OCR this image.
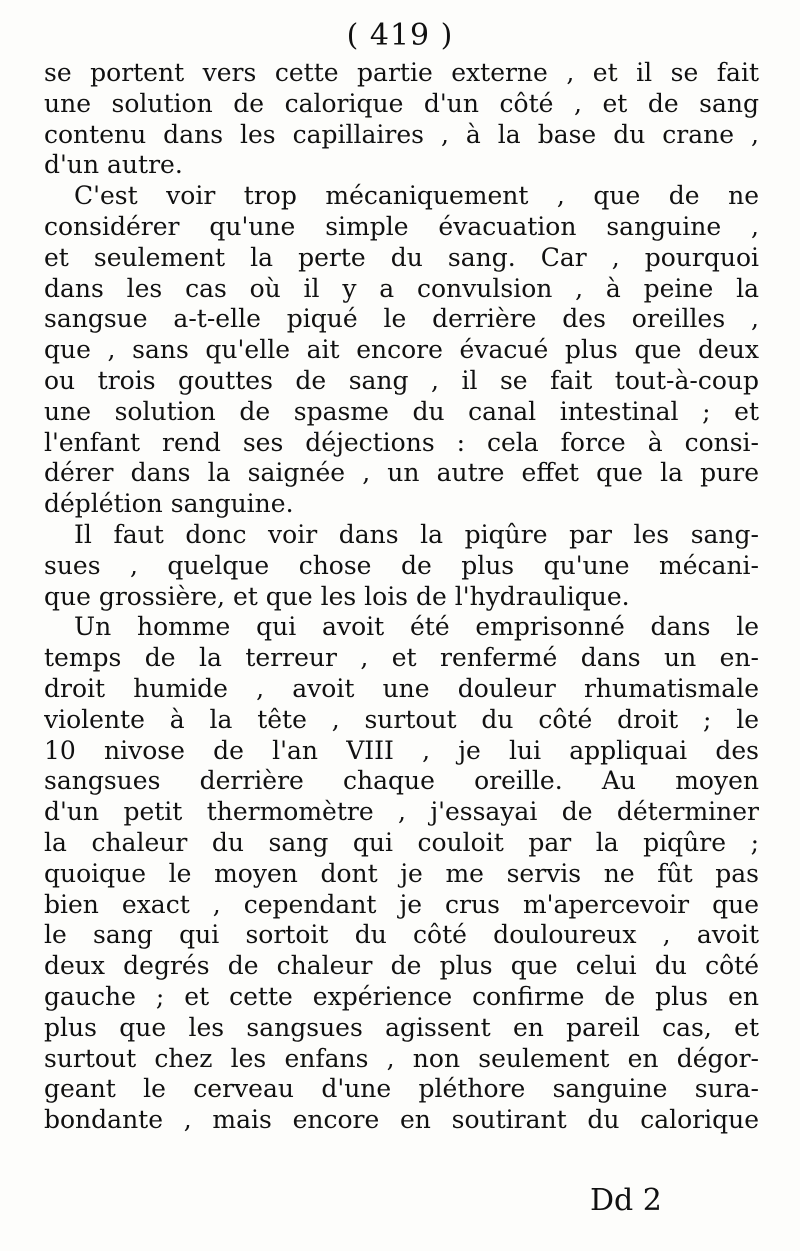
( 419 )
se portent vers cette partie externe , et il se fait
une solution de calorique d'un côté , et de sang
contenu dans les capillaires , à la base du crane ,
d'un autre.
C'est voir trop mécaniquement , que de ne
considérer qu'une simple évacuation sanguine ,
et seulement la perte du sang. Car , pourquoi
dans les cas où il y a convulsion , à peine la
sangsue a-t-elle piqué le derrière des oreilles ,
que , sans qu'elle ait encore évacué plus que deux
ou trois gouttes de sang , il se fait tout-à-coup
une solution de spasme du canal intestinal ; et
l'enfant rend ses déjections : cela force à consi-
dérer dans la saignée , un autre effet que la pure
déplétion sanguine.
Il faut donc voir dans la piqûre par les sang-
sues , quelque chose de plus qu'une mécani-
que grossière, et que les lois de l'hydraulique.
Un homme qui avoit été emprisonné dans le
temps de la terreur , et renfermé dans un en-
droit humide , avoit une douleur rhumatismale
violente à la tête , surtout du côté droit ; le
10 nivose de l'an VIII , je lui appliquai des
sangsues derrière chaque oreille. Au moyen
d'un petit thermomètre , j'essayai de déterminer
la chaleur du sang qui couloit par la piqûre ;
quoique le moyen dont je me servis ne fût pas
bien exact , cependant je crus m'apercevoir que
le sang qui sortoit du côté douloureux , avoit
deux degrés de chaleur de plus que celui du côté
gauche ; et cette expérience confirme de plus en
plus que les sangsues agissent en pareil cas, et
surtout chez les enfans , non seulement en dégor-
geant le cerveau d'une pléthore sanguine sura-
bondante , mais encore en soutirant du calorique
Dd 2
